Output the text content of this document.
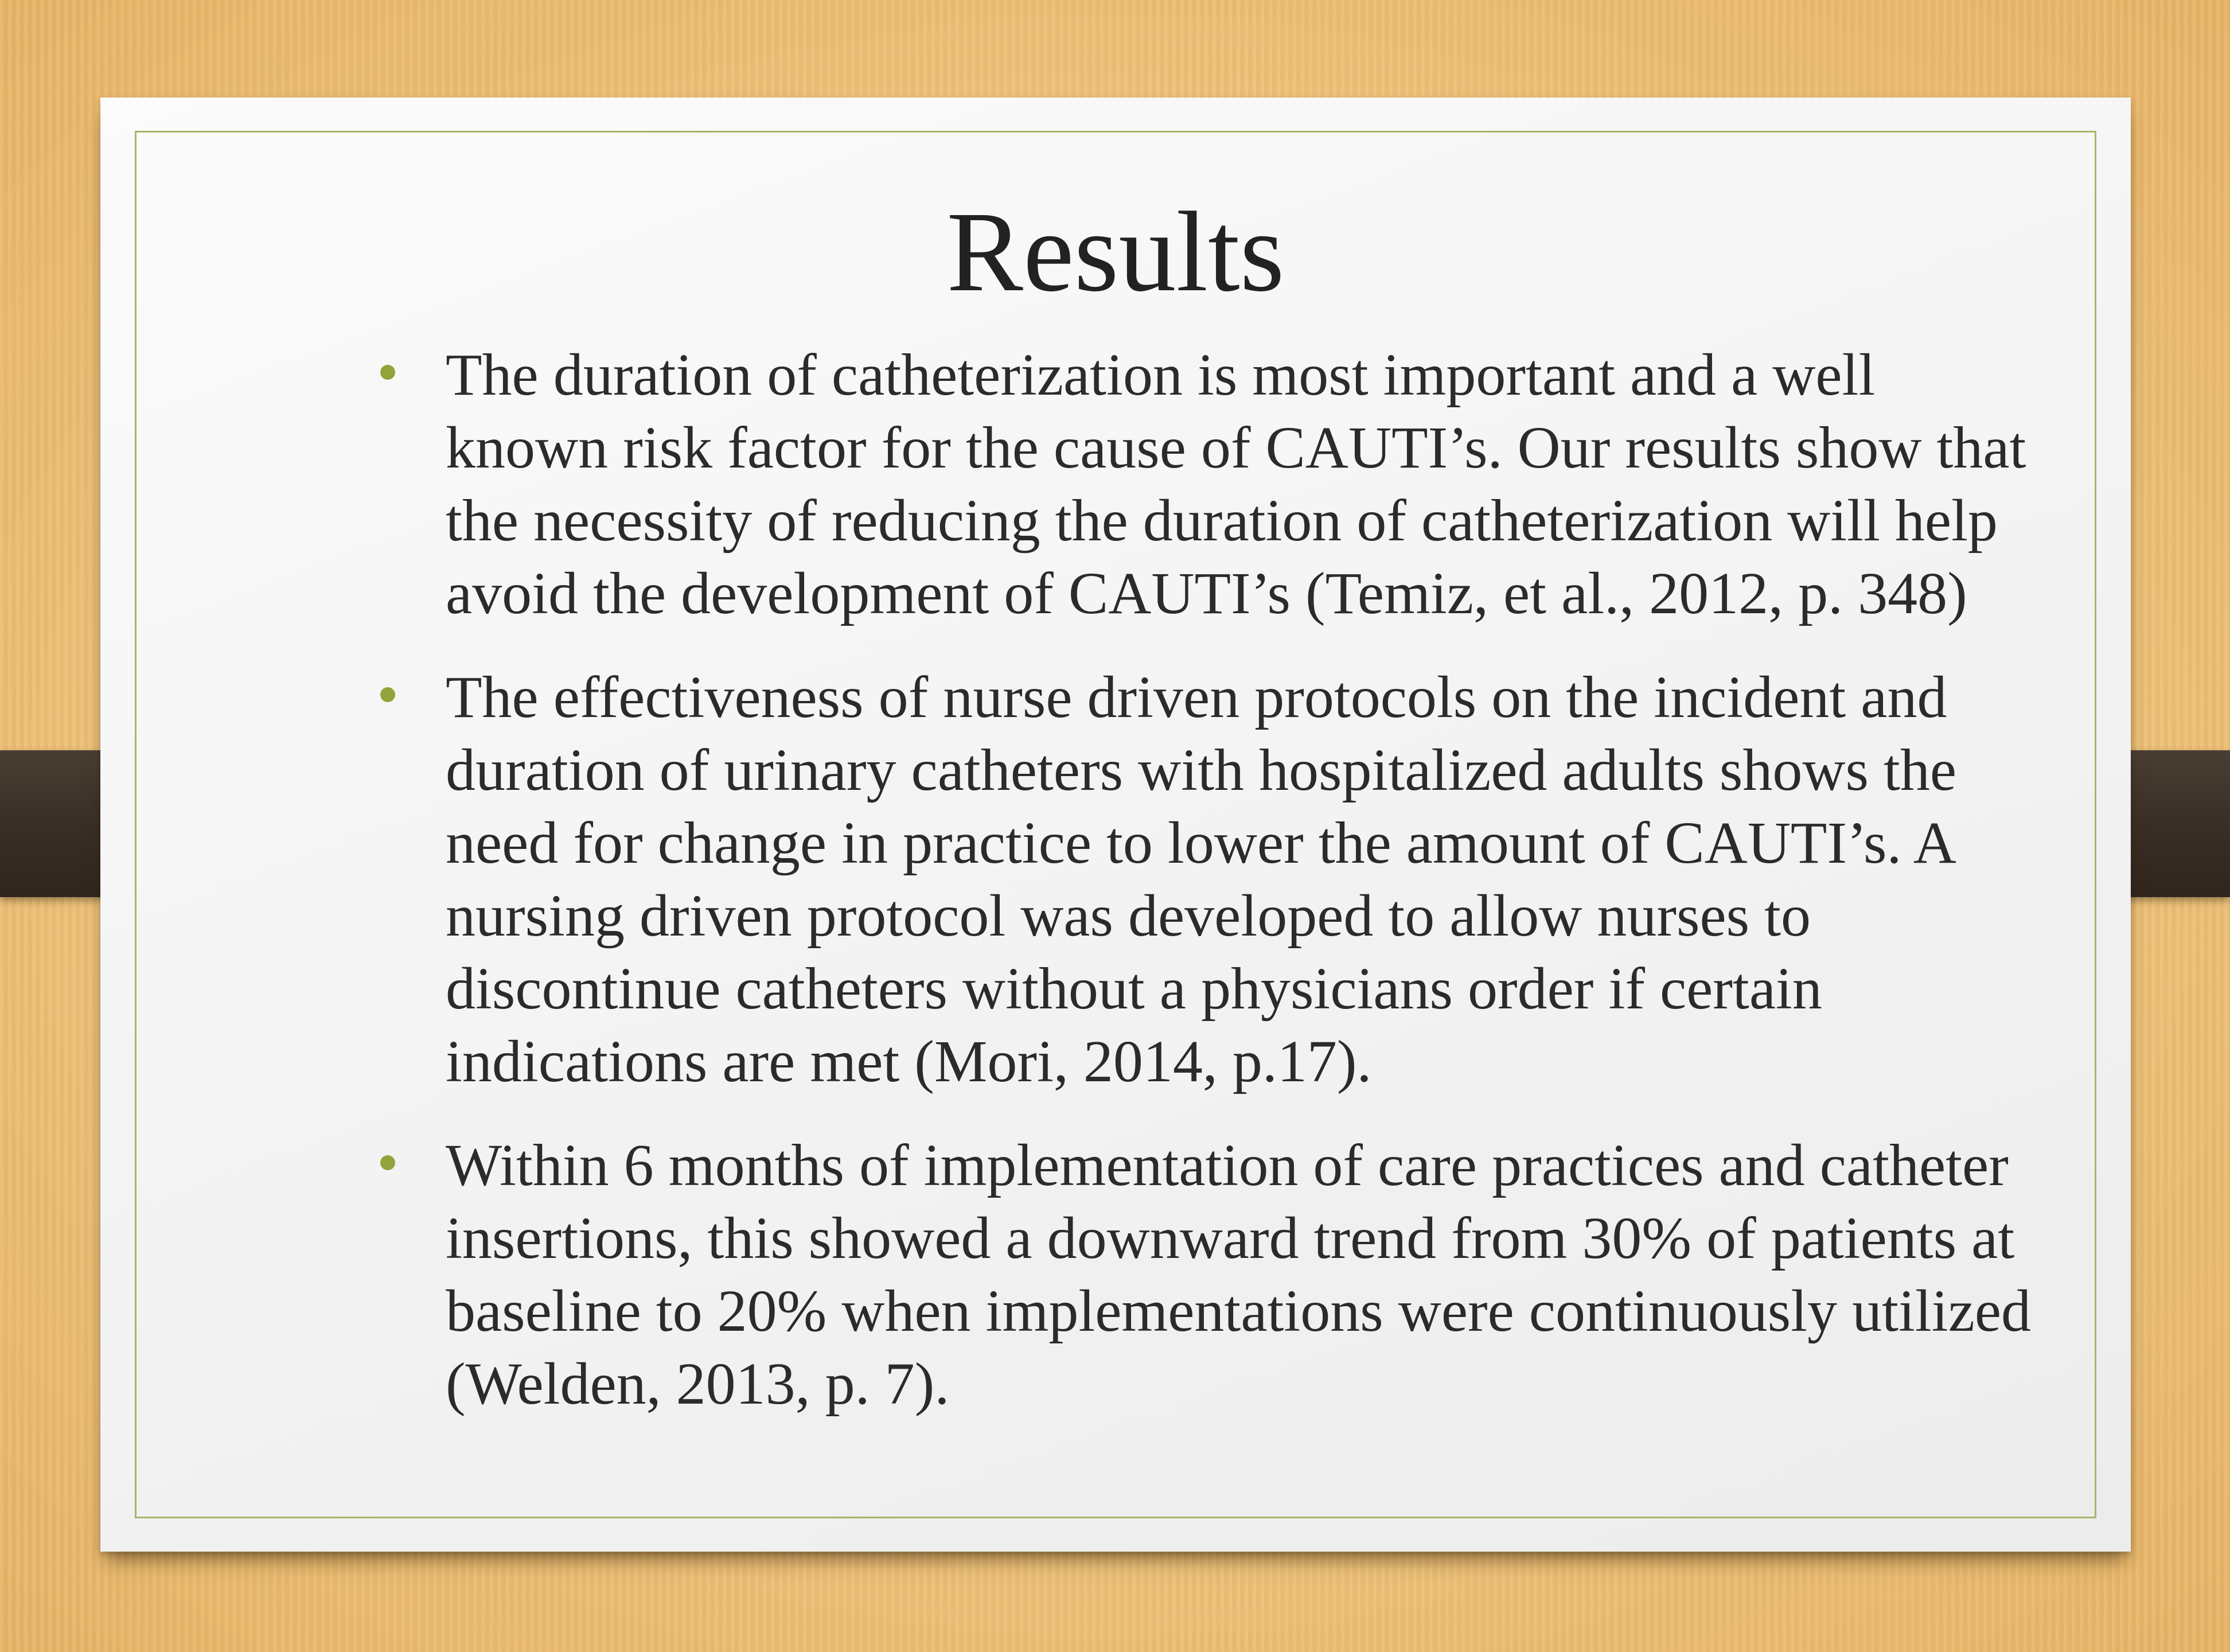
Results
The duration of catheterization is most important and a well known risk factor for the cause of CAUTI’s. Our results show that the necessity of reducing the duration of catheterization will help avoid the development of CAUTI’s (Temiz, et al., 2012, p. 348)
The effectiveness of nurse driven protocols on the incident and duration of urinary catheters with hospitalized adults shows the need for change in practice to lower the amount of CAUTI’s. A nursing driven protocol was developed to allow nurses to discontinue catheters without a physicians order if certain indications are met (Mori, 2014, p.17).
Within 6 months of implementation of care practices and catheter insertions, this showed a downward trend from 30% of patients at baseline to 20% when implementations were continuously utilized (Welden, 2013, p. 7).
